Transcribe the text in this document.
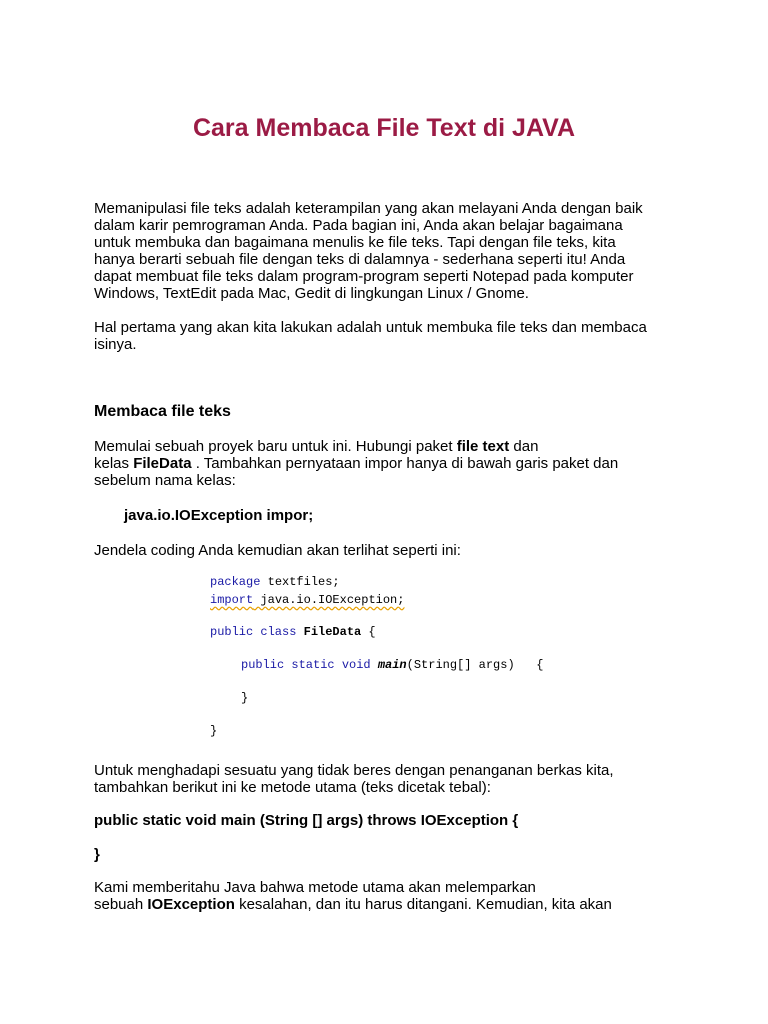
Cara Membaca File Text di JAVA

Memanipulasi file teks adalah keterampilan yang akan melayani Anda dengan baik
dalam karir pemrograman Anda. Pada bagian ini, Anda akan belajar bagaimana
untuk membuka dan bagaimana menulis ke file teks. Tapi dengan file teks, kita
hanya berarti sebuah file dengan teks di dalamnya - sederhana seperti itu! Anda
dapat membuat file teks dalam program-program seperti Notepad pada komputer
Windows, TextEdit pada Mac, Gedit di lingkungan Linux / Gnome.

Hal pertama yang akan kita lakukan adalah untuk membuka file teks dan membaca
isinya.

Membaca file teks

Memulai sebuah proyek baru untuk ini. Hubungi paket file text dan
kelas FileData . Tambahkan pernyataan impor hanya di bawah garis paket dan
sebelum nama kelas:

java.io.IOException impor;

Jendela coding Anda kemudian akan terlihat seperti ini:

package textfiles;
import java.io.IOException;
public class FileData {
public static void main(String[] args)   {
}
}

Untuk menghadapi sesuatu yang tidak beres dengan penanganan berkas kita,
tambahkan berikut ini ke metode utama (teks dicetak tebal):

public static void main (String [] args) throws IOException {

}

Kami memberitahu Java bahwa metode utama akan melemparkan
sebuah IOException kesalahan, dan itu harus ditangani. Kemudian, kita akan
